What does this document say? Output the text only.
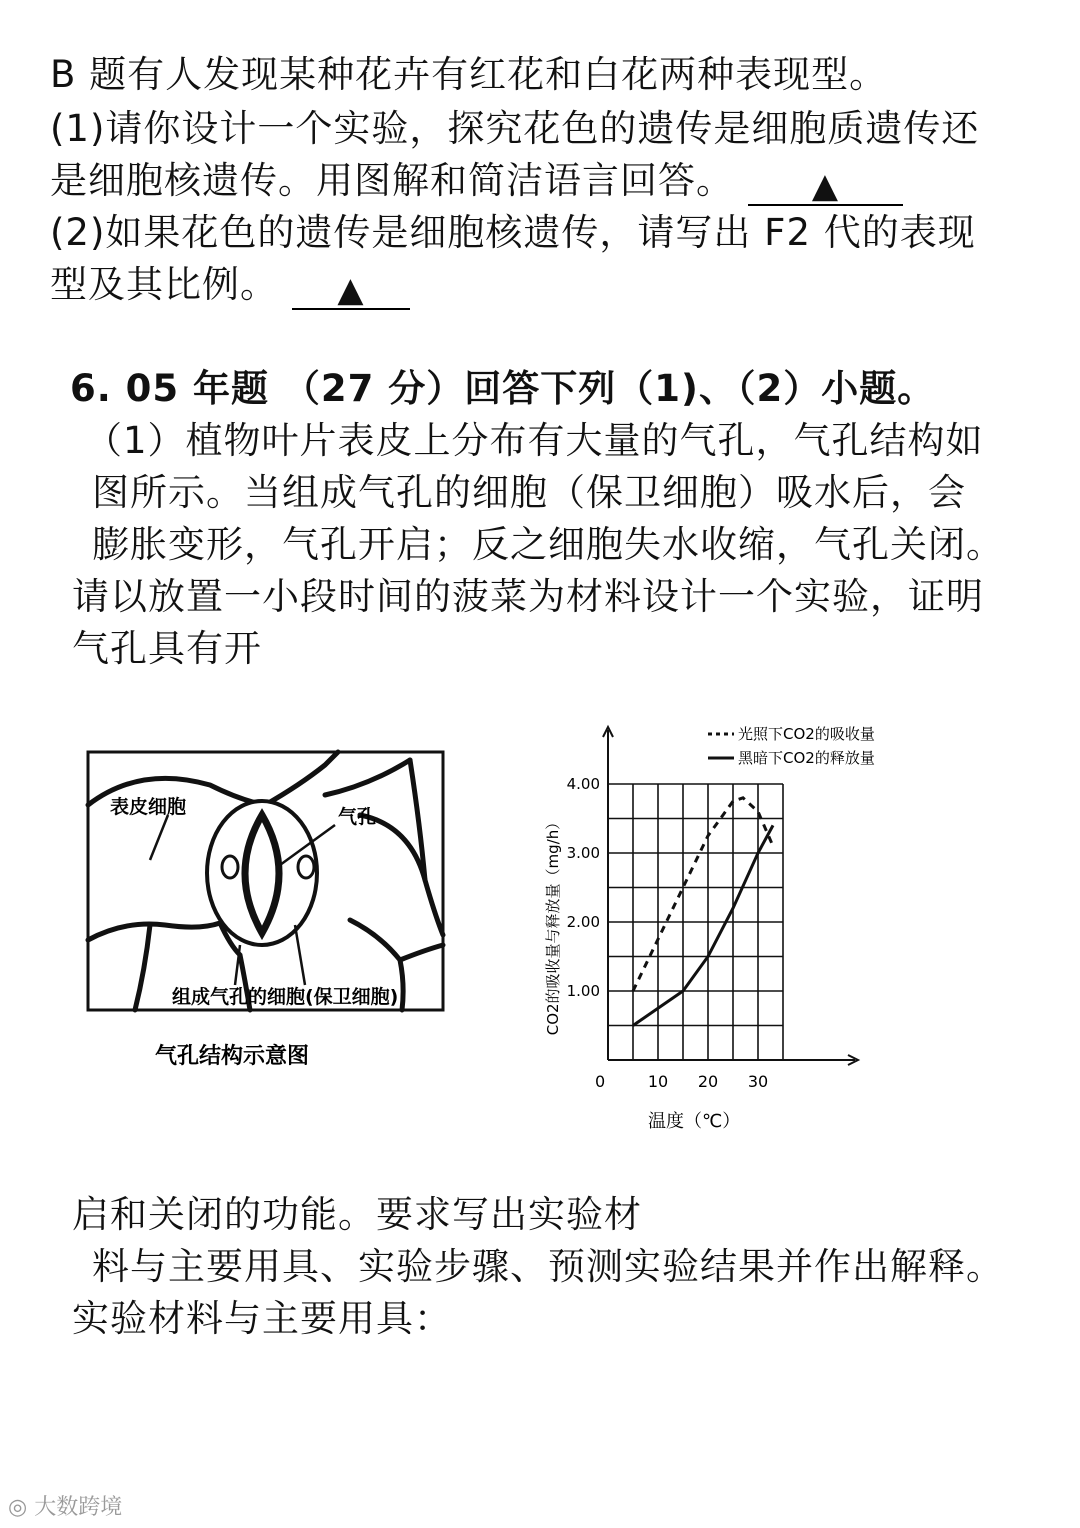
B 题有人发现某种花卉有红花和白花两种表现型。
(1)请你设计一个实验，探究花色的遗传是细胞质遗传还
是细胞核遗传。用图解和简洁语言回答。 ▲
(2)如果花色的遗传是细胞核遗传，请写出 F2 代的表现
型及其比例。 ▲
6. 05 年题 （27 分）回答下列（1)、（2）小题。
（1）植物叶片表皮上分布有大量的气孔，气孔结构如
图所示。当组成气孔的细胞（保卫细胞）吸水后，会
膨胀变形，气孔开启；反之细胞失水收缩，气孔关闭。
请以放置一小段时间的菠菜为材料设计一个实验，证明
气孔具有开
表皮细胞	气孔
组成气孔的细胞(保卫细胞)
气孔结构示意图
10 20 30
1.00
2.00
3.00
4.00
光照下CO2的吸收量
黑暗下CO2的释放量
0
温度（℃）
CO2的吸收量与释放量（mg/h）
启和关闭的功能。要求写出实验材
料与主要用具、实验步骤、预测实验结果并作出解释。
实验材料与主要用具：
◎ 大数跨境
